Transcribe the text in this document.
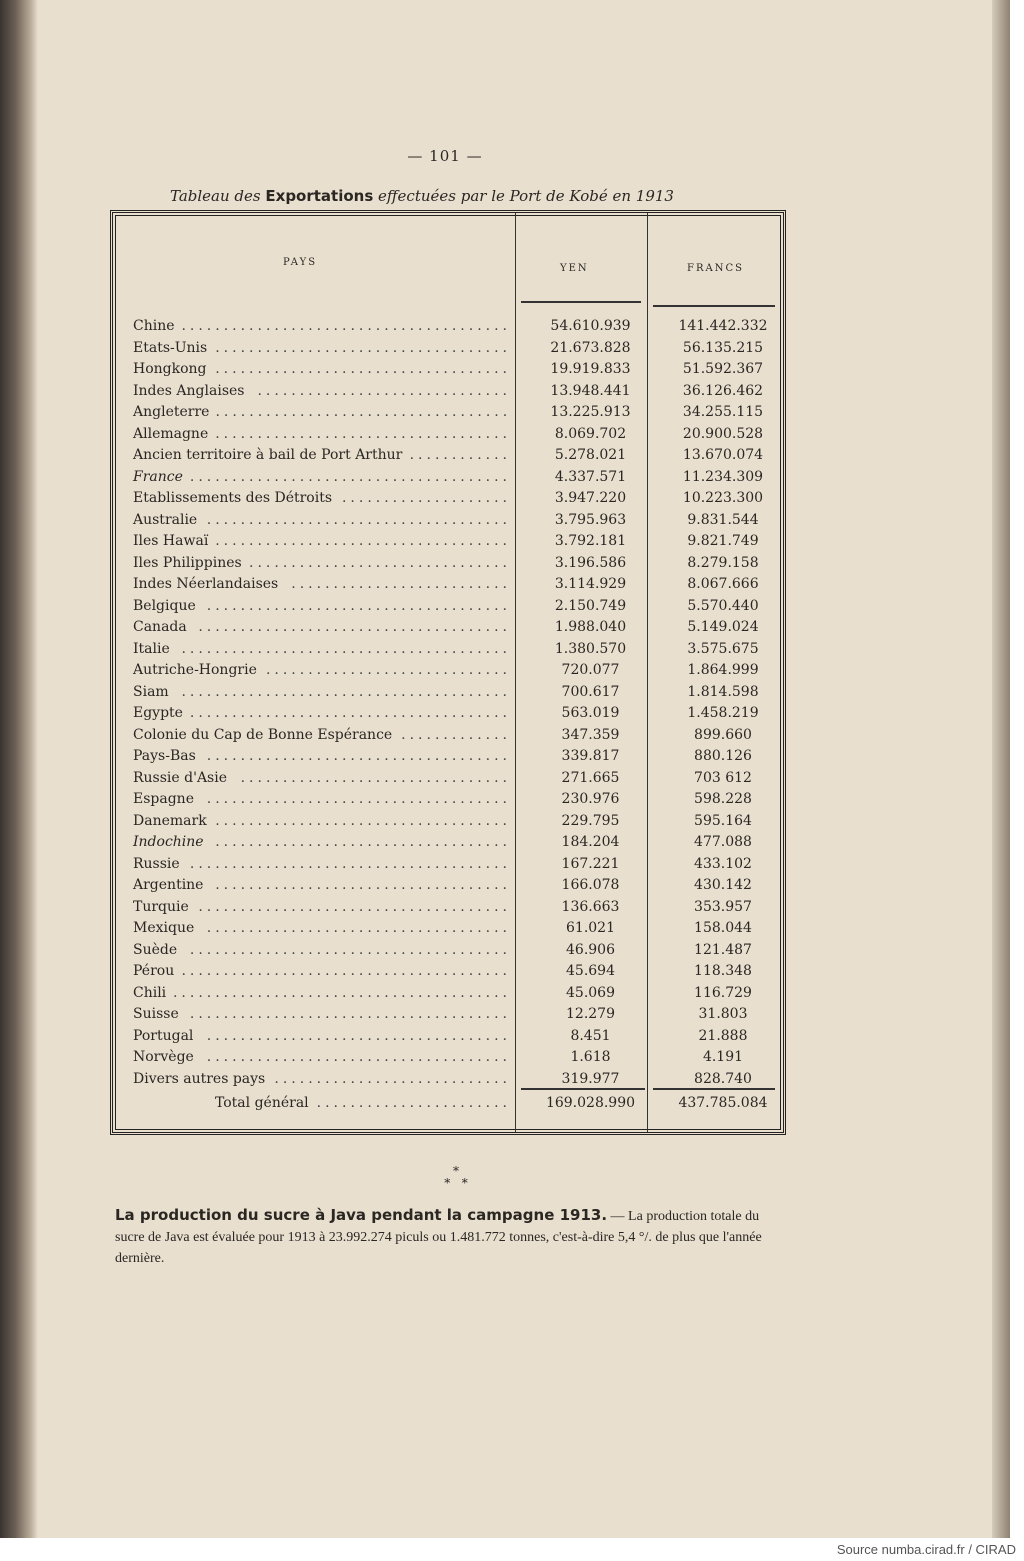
— 101 —
Tableau des Exportations effectuées par le Port de Kobé en 1913
PAYS
YEN	FRANCS
Chine .......................................	54.610.939	141.442.332
Etats-Unis ...................................	21.673.828	56.135.215
Hongkong ...................................	19.919.833	51.592.367
Indes Anglaises ..............................	13.948.441	36.126.462
Angleterre ...................................	13.225.913	34.255.115
Allemagne ...................................	8.069.702	20.900.528
Ancien territoire à bail de Port Arthur ............	5.278.021	13.670.074
France ......................................	4.337.571	11.234.309
Etablissements des Détroits ....................	3.947.220	10.223.300
Australie ....................................	3.795.963	9.831.544
Iles Hawaï ...................................	3.792.181	9.821.749
Iles Philippines ...............................	3.196.586	8.279.158
Indes Néerlandaises ..........................	3.114.929	8.067.666
Belgique ....................................	2.150.749	5.570.440
Canada .....................................	1.988.040	5.149.024
Italie .......................................	1.380.570	3.575.675
Autriche-Hongrie .............................	720.077	1.864.999
Siam .......................................	700.617	1.814.598
Egypte ......................................	563.019	1.458.219
Colonie du Cap de Bonne Espérance .............	347.359	899.660
Pays-Bas ....................................	339.817	880.126
Russie d'Asie ................................	271.665	703 612
Espagne ....................................	230.976	598.228
Danemark ...................................	229.795	595.164
Indochine ...................................	184.204	477.088
Russie ......................................	167.221	433.102
Argentine ...................................	166.078	430.142
Turquie .....................................	136.663	353.957
Mexique ....................................	61.021	158.044
Suède ......................................	46.906	121.487
Pérou .......................................	45.694	118.348
Chili ........................................	45.069	116.729
Suisse ......................................	12.279	31.803
Portugal ....................................	8.451	21.888
Norvège ....................................	1.618	4.191
Divers autres pays ............................	319.977	828.740
Total général .......................	169.028.990	437.785.084
*
*   *
La production du sucre à Java pendant la campagne 1913. — La production totale du sucre de Java est évaluée pour 1913 à 23.992.274 piculs ou 1.481.772 tonnes, c'est-à-dire 5,4 °/. de plus que l'année dernière.
Source numba.cirad.fr / CIRAD
